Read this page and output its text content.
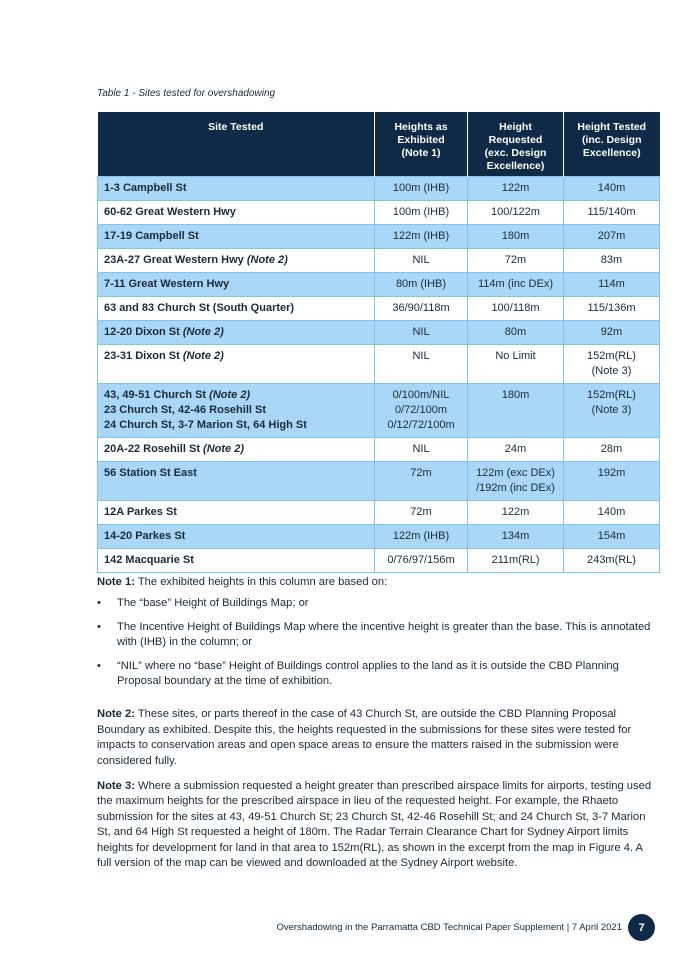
Table 1 - Sites tested for overshadowing
Site Tested	Heights as
Exhibited
(Note 1)	Height
Requested
(exc. Design
Excellence)	Height Tested
(inc. Design
Excellence)
1-3 Campbell St	100m (IHB)	122m	140m
60-62 Great Western Hwy	100m (IHB)	100/122m	115/140m
17-19 Campbell St	122m (IHB)	180m	207m
23A-27 Great Western Hwy (Note 2)	NIL	72m	83m
7-11 Great Western Hwy	80m (IHB)	114m (inc DEx)	114m
63 and 83 Church St (South Quarter)	36/90/118m	100/118m	115/136m
12-20 Dixon St (Note 2)	NIL	80m	92m
23-31 Dixon St (Note 2)	NIL	No Limit	152m(RL)
(Note 3)
43, 49-51 Church St (Note 2)
23 Church St, 42-46 Rosehill St
24 Church St, 3-7 Marion St, 64 High St	0/100m/NIL
0/72/100m
0/12/72/100m	180m	152m(RL)
(Note 3)
20A-22 Rosehill St (Note 2)	NIL	24m	28m
56 Station St East	72m	122m (exc DEx)
/192m (inc DEx)	192m
12A Parkes St	72m	122m	140m
14-20 Parkes St	122m (IHB)	134m	154m
142 Macquarie St	0/76/97/156m	211m(RL)	243m(RL)

Note 1: The exhibited heights in this column are based on:

• The “base” Height of Buildings Map; or
• The Incentive Height of Buildings Map where the incentive height is greater than the base. This is annotated with (IHB) in the column; or
• “NIL” where no “base” Height of Buildings control applies to the land as it is outside the CBD Planning Proposal boundary at the time of exhibition.

Note 2: These sites, or parts thereof in the case of 43 Church St, are outside the CBD Planning Proposal Boundary as exhibited. Despite this, the heights requested in the submissions for these sites were tested for impacts to conservation areas and open space areas to ensure the matters raised in the submission were considered fully.

Note 3: Where a submission requested a height greater than prescribed airspace limits for airports, testing used the maximum heights for the prescribed airspace in lieu of the requested height. For example, the Rhaeto submission for the sites at 43, 49-51 Church St; 23 Church St, 42-46 Rosehill St; and 24 Church St, 3-7 Marion St, and 64 High St requested a height of 180m. The Radar Terrain Clearance Chart for Sydney Airport limits heights for development for land in that area to 152m(RL), as shown in the excerpt from the map in Figure 4. A full version of the map can be viewed and downloaded at the Sydney Airport website.

Overshadowing in the Parramatta CBD Technical Paper Supplement | 7 April 2021	7
